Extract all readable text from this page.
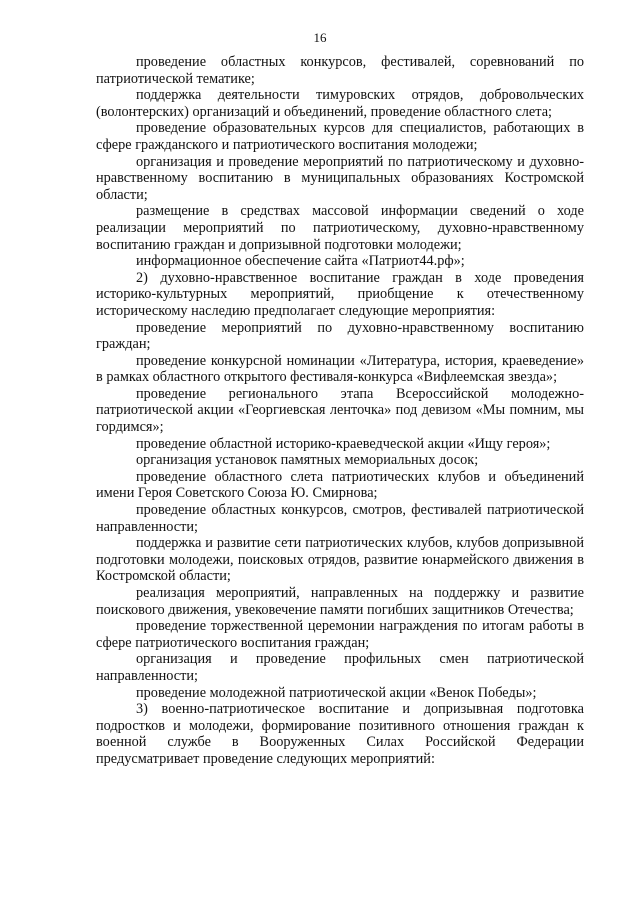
16

проведение областных конкурсов, фестивалей, соревнований по патриотической тематике;

поддержка деятельности тимуровских отрядов, добровольческих (волонтерских) организаций и объединений, проведение областного слета;

проведение образовательных курсов для специалистов, работающих в сфере гражданского и патриотического воспитания молодежи;

организация и проведение мероприятий по патриотическому и духовно-нравственному воспитанию в муниципальных образованиях Костромской области;

размещение в средствах массовой информации сведений о ходе реализации мероприятий по патриотическому, духовно-нравственному воспитанию граждан и допризывной подготовки молодежи;

информационное обеспечение сайта «Патриот44.рф»;

2) духовно-нравственное воспитание граждан в ходе проведения историко-культурных мероприятий, приобщение к отечественному историческому наследию предполагает следующие мероприятия:

проведение мероприятий по духовно-нравственному воспитанию граждан;

проведение конкурсной номинации «Литература, история, краеведение» в рамках областного открытого фестиваля-конкурса «Вифлеемская звезда»;

проведение регионального этапа Всероссийской молодежно-патриотической акции «Георгиевская ленточка» под девизом «Мы помним, мы гордимся»;

проведение областной историко-краеведческой акции «Ищу героя»;

организация установок памятных мемориальных досок;

проведение областного слета патриотических клубов и объединений имени Героя Советского Союза Ю. Смирнова;

проведение областных конкурсов, смотров, фестивалей патриотической направленности;

поддержка и развитие сети патриотических клубов, клубов допризывной подготовки молодежи, поисковых отрядов, развитие юнармейского движения в Костромской области;

реализация мероприятий, направленных на поддержку и развитие поискового движения, увековечение памяти погибших защитников Отечества;

проведение торжественной церемонии награждения по итогам работы в сфере патриотического воспитания граждан;

организация и проведение профильных смен патриотической направленности;

проведение молодежной патриотической акции «Венок Победы»;

3) военно-патриотическое воспитание и допризывная подготовка подростков и молодежи, формирование позитивного отношения граждан к военной службе в Вооруженных Силах Российской Федерации предусматривает проведение следующих мероприятий:
